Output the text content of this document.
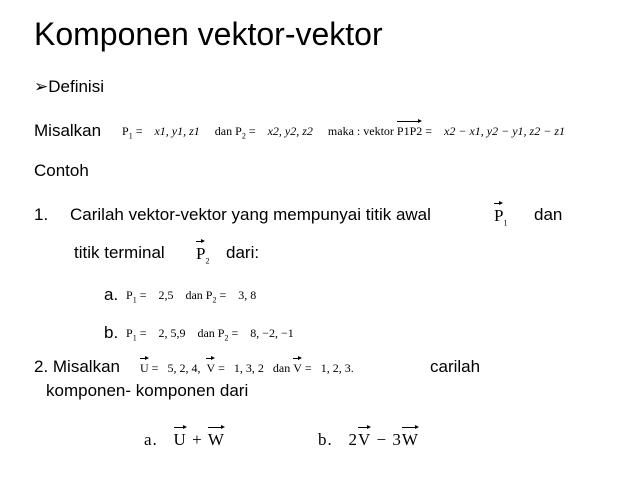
Komponen vektor-vektor
➢Definisi
Misalkan $P_1 = x1$, y1, z1 dan $P_2 = x2$, y2, z2 maka : vektor P1P2 = x2 − x1, y2 − y1, z2 − z1
Contoh
1. Carilah vektor-vektor yang mempunyai titik awal	$P_1$ dan
titik terminal $P_2$ dari:
a. $P_1 = 2,5$ dan $P_2 = 3$, 8
b. $P_1 = 2$, 5,9 dan $P_2 = 8$, −2, −1
2. Misalkan U = 5, 2, 4, V = 1, 3, 2 dan V = 1, 2, 3.	carilah
komponen- komponen dari
a. U + W	b. 2V − 3W
